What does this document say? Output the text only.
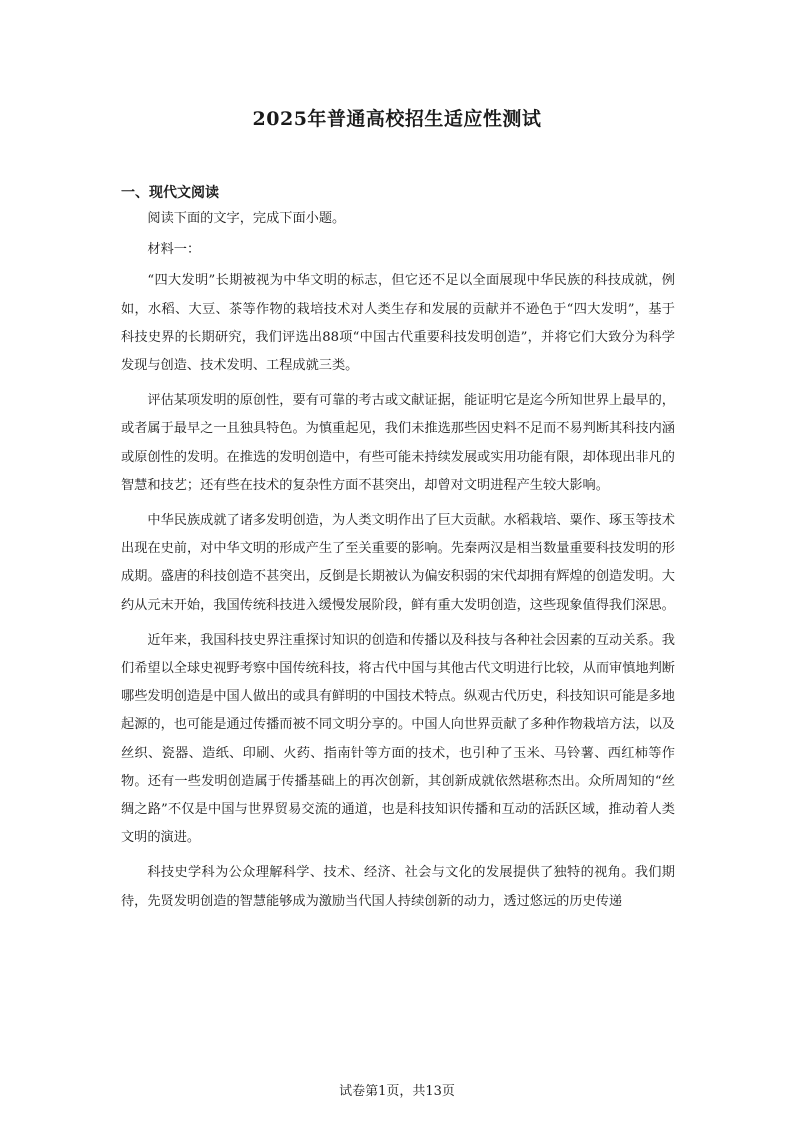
2025年普通高校招生适应性测试
一、现代文阅读

阅读下面的文字，完成下面小题。

材料一：

“四大发明”长期被视为中华文明的标志，但它还不足以全面展现中华民族的科技成就，例如，水稻、大豆、茶等作物的栽培技术对人类生存和发展的贡献并不逊色于“四大发明”，基于科技史界的长期研究，我们评选出88项“中国古代重要科技发明创造”，并将它们大致分为科学发现与创造、技术发明、工程成就三类。

评估某项发明的原创性，要有可靠的考古或文献证据，能证明它是迄今所知世界上最早的，或者属于最早之一且独具特色。为慎重起见，我们未推选那些因史料不足而不易判断其科技内涵或原创性的发明。在推选的发明创造中，有些可能未持续发展或实用功能有限，却体现出非凡的智慧和技艺；还有些在技术的复杂性方面不甚突出，却曾对文明进程产生较大影响。

中华民族成就了诸多发明创造，为人类文明作出了巨大贡献。水稻栽培、粟作、琢玉等技术出现在史前，对中华文明的形成产生了至关重要的影响。先秦两汉是相当数量重要科技发明的形成期。盛唐的科技创造不甚突出，反倒是长期被认为偏安积弱的宋代却拥有辉煌的创造发明。大约从元末开始，我国传统科技进入缓慢发展阶段，鲜有重大发明创造，这些现象值得我们深思。

近年来，我国科技史界注重探讨知识的创造和传播以及科技与各种社会因素的互动关系。我们希望以全球史视野考察中国传统科技，将古代中国与其他古代文明进行比较，从而审慎地判断哪些发明创造是中国人做出的或具有鲜明的中国技术特点。纵观古代历史，科技知识可能是多地起源的，也可能是通过传播而被不同文明分享的。中国人向世界贡献了多种作物栽培方法，以及丝织、瓷器、造纸、印刷、火药、指南针等方面的技术，也引种了玉米、马铃薯、西红柿等作物。还有一些发明创造属于传播基础上的再次创新，其创新成就依然堪称杰出。众所周知的“丝绸之路”不仅是中国与世界贸易交流的通道，也是科技知识传播和互动的活跃区域，推动着人类文明的演进。

科技史学科为公众理解科学、技术、经济、社会与文化的发展提供了独特的视角。我们期待，先贤发明创造的智慧能够成为激励当代国人持续创新的动力，透过悠远的历史传递

试卷第1页，共13页
